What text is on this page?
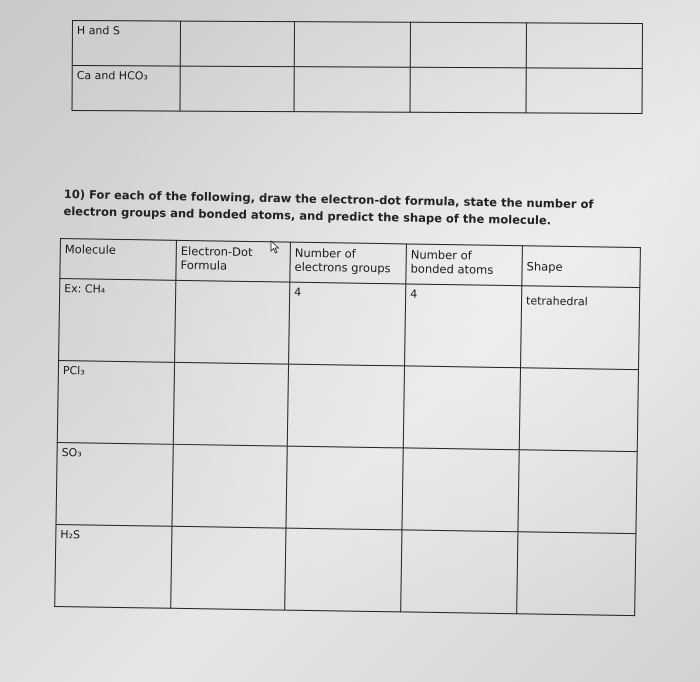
H and S				
Ca and HCO₃				
10) For each of the following, draw the electron-dot formula, state the number of electron groups and bonded atoms, and predict the shape of the molecule.
Molecule	Electron-Dot Formula	Number of electrons groups	Number of bonded atoms	Shape
Ex: CH₄		4	4	tetrahedral
PCl₃				
SO₃				
H₂S				
